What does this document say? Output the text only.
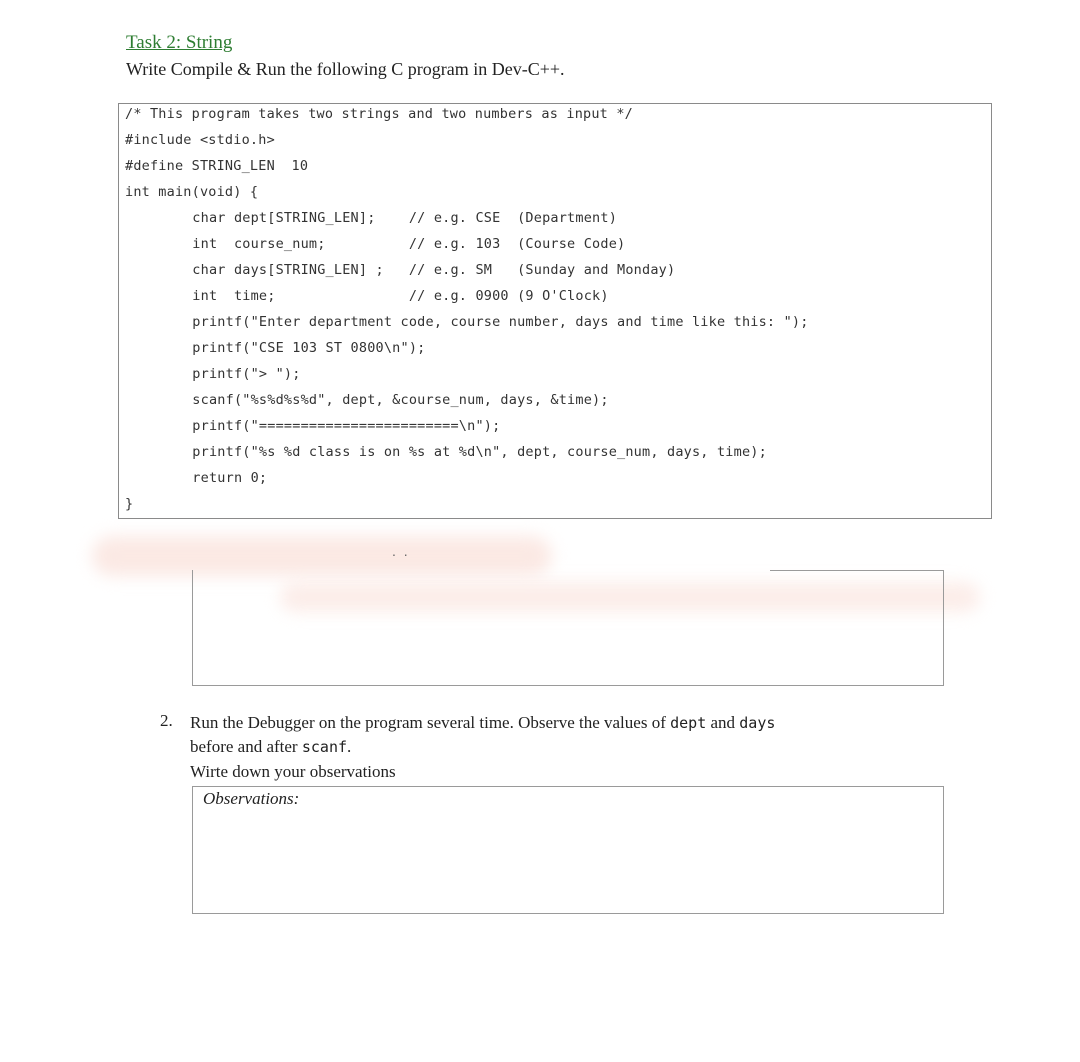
Task 2: String
Write Compile & Run the following C program in Dev-C++.
/* This program takes two strings and two numbers as input */
#include <stdio.h>
#define STRING_LEN  10
int main(void) {
char dept[STRING_LEN];    // e.g. CSE  (Department)
int  course_num;          // e.g. 103  (Course Code)
char days[STRING_LEN] ;   // e.g. SM   (Sunday and Monday)
int  time;                // e.g. 0900 (9 O'Clock)
printf("Enter department code, course number, days and time like this: ");
printf("CSE 103 ST 0800\n");
printf("> ");
scanf("%s%d%s%d", dept, &course_num, days, &time);
printf("========================\n");
printf("%s %d class is on %s at %d\n", dept, course_num, days, time);
return 0;
}
. .
2. Run the Debugger on the program several time. Observe the values of dept and days
before and after scanf.
Wirte down your observations
Observations:
